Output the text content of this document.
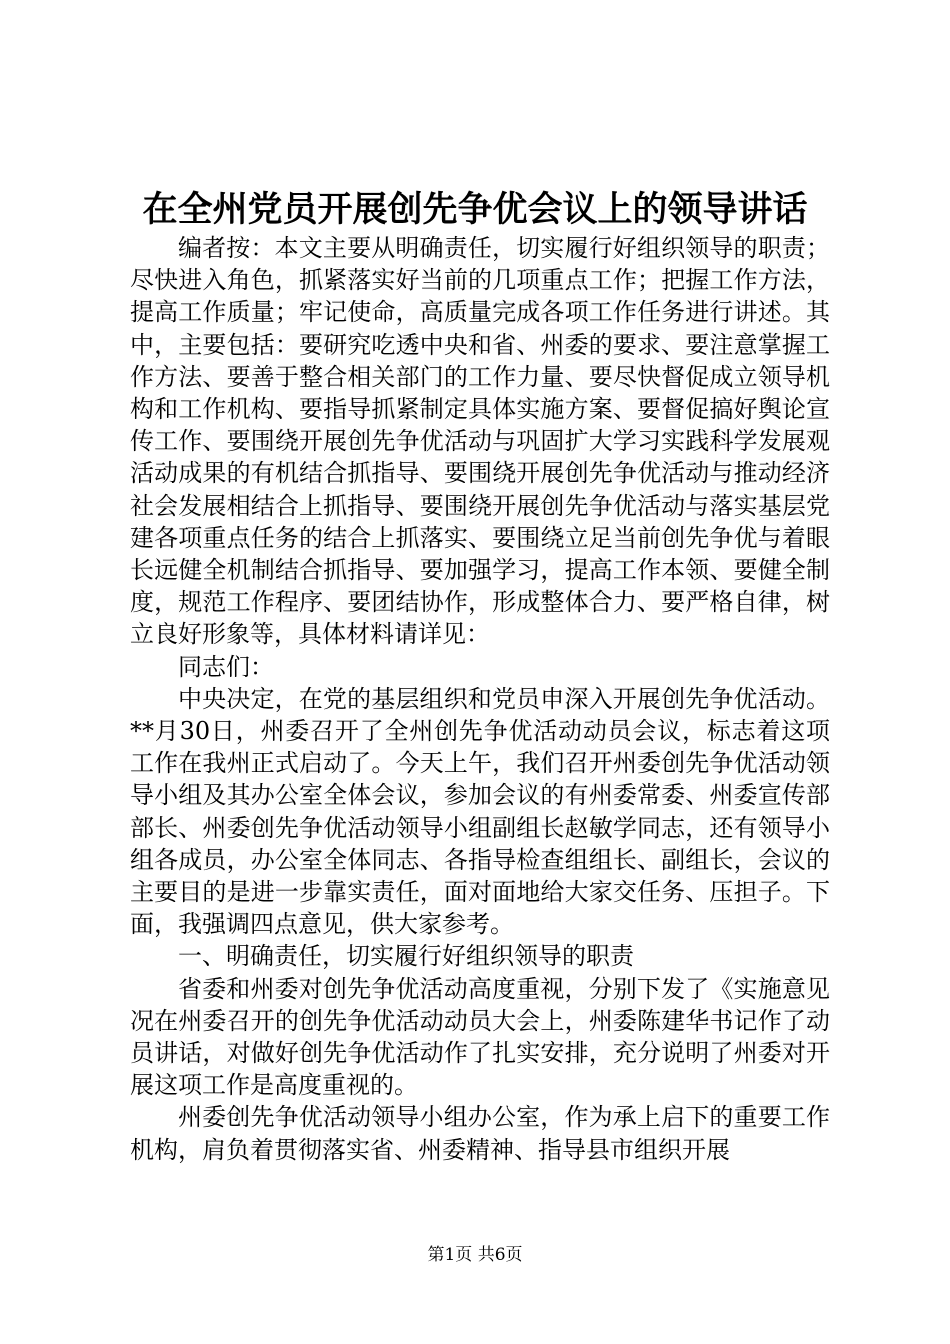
在全州党员开展创先争优会议上的领导讲话

编者按：本文主要从明确责任，切实履行好组织领导的职责；尽快进入角色，抓紧落实好当前的几项重点工作；把握工作方法，提高工作质量；牢记使命，高质量完成各项工作任务进行讲述。其中，主要包括：要研究吃透中央和省、州委的要求、要注意掌握工作方法、要善于整合相关部门的工作力量、要尽快督促成立领导机构和工作机构、要指导抓紧制定具体实施方案、要督促搞好舆论宣传工作、要围绕开展创先争优活动与巩固扩大学习实践科学发展观活动成果的有机结合抓指导、要围绕开展创先争优活动与推动经济社会发展相结合上抓指导、要围绕开展创先争优活动与落实基层党建各项重点任务的结合上抓落实、要围绕立足当前创先争优与着眼长远健全机制结合抓指导、要加强学习，提高工作本领、要健全制度，规范工作程序、要团结协作，形成整体合力、要严格自律，树立良好形象等，具体材料请详见：

同志们：

中央决定，在党的基层组织和党员申深入开展创先争优活动。**月30日，州委召开了全州创先争优活动动员会议，标志着这项工作在我州正式启动了。今天上午，我们召开州委创先争优活动领导小组及其办公室全体会议，参加会议的有州委常委、州委宣传部部长、州委创先争优活动领导小组副组长赵敏学同志，还有领导小组各成员，办公室全体同志、各指导检查组组长、副组长，会议的主要目的是进一步靠实责任，面对面地给大家交任务、压担子。下面，我强调四点意见，供大家参考。

一、明确责任，切实履行好组织领导的职责

省委和州委对创先争优活动高度重视，分别下发了《实施意见况在州委召开的创先争优活动动员大会上，州委陈建华书记作了动员讲话，对做好创先争优活动作了扎实安排，充分说明了州委对开展这项工作是高度重视的。

州委创先争优活动领导小组办公室，作为承上启下的重要工作机构，肩负着贯彻落实省、州委精神、指导县市组织开展

第1页 共6页
